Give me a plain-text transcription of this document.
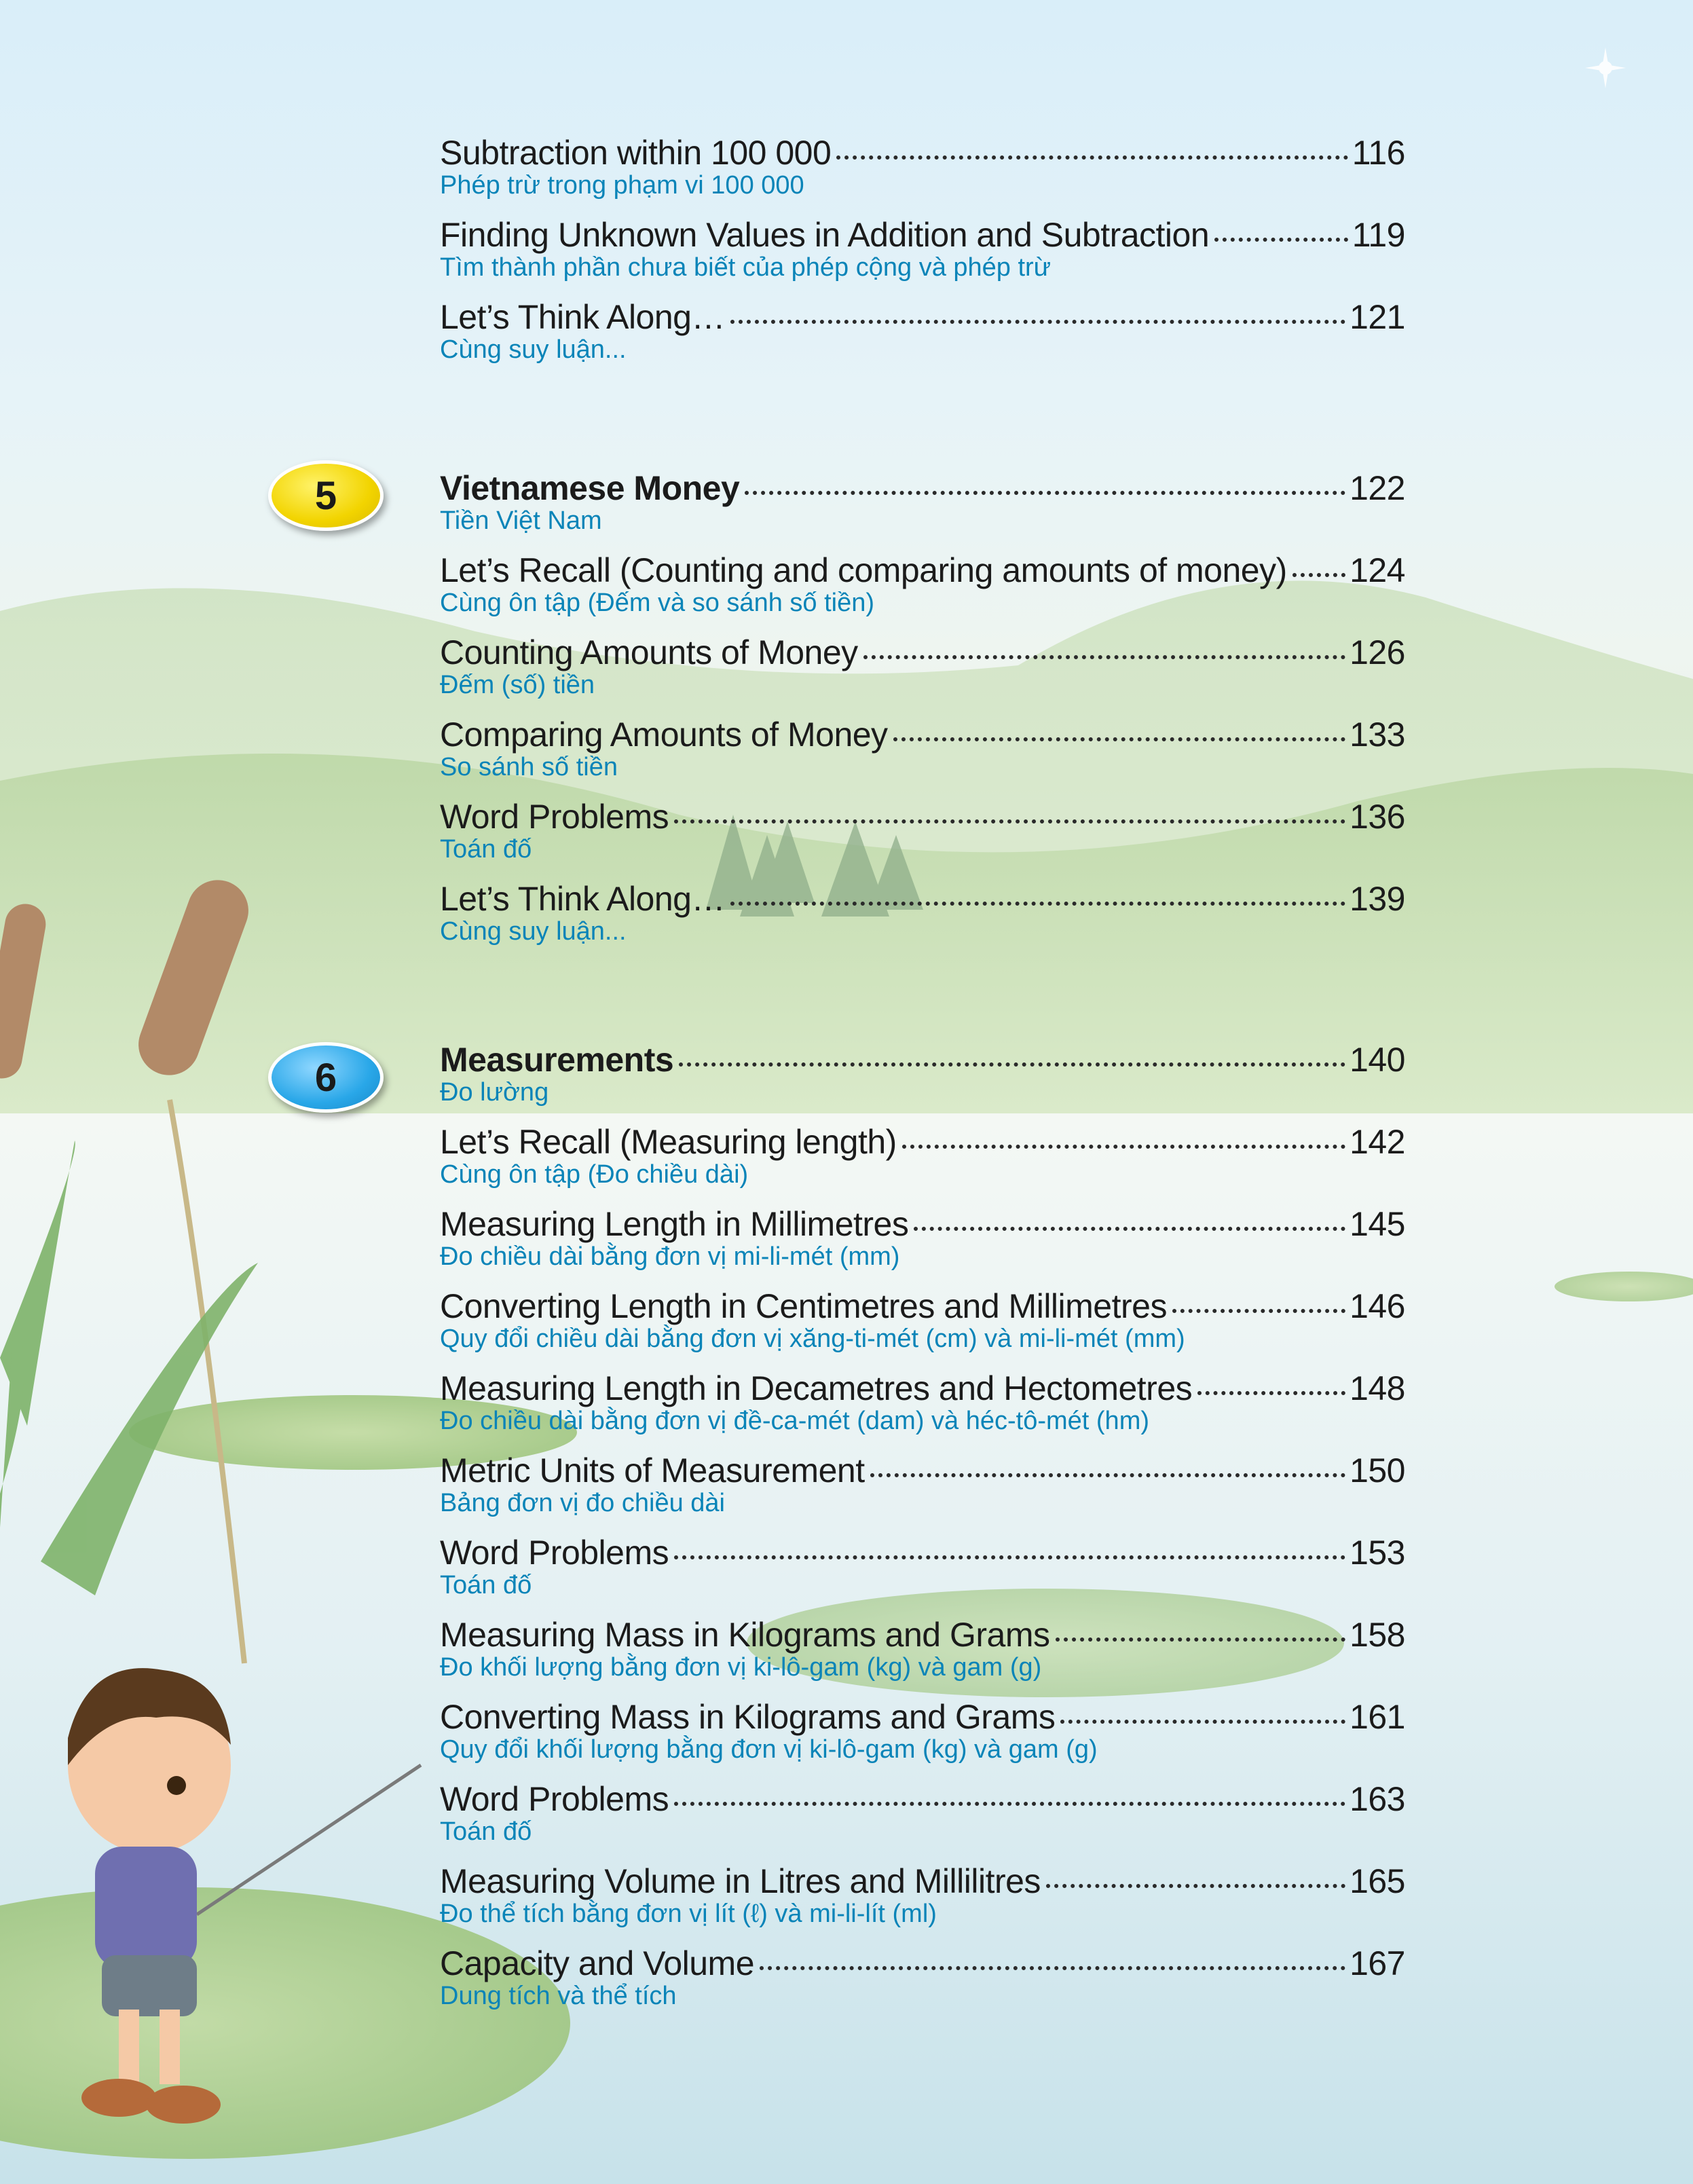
5
6
Subtraction within 100 000	116
Phép trừ trong phạm vi 100 000
Finding Unknown Values in Addition and Subtraction	119
Tìm thành phần chưa biết của phép cộng và phép trừ
Let’s Think Along…	121
Cùng suy luận...
Vietnamese Money	122
Tiền Việt Nam
Let’s Recall (Counting and comparing amounts of money) 124
Cùng ôn tập (Đếm và so sánh số tiền)
Counting Amounts of Money	126
Đếm (số) tiền
Comparing Amounts of Money	133
So sánh số tiền
Word Problems	136
Toán đố
Let’s Think Along…	139
Cùng suy luận...
Measurements	140
Đo lường
Let’s Recall (Measuring length)	142
Cùng ôn tập (Đo chiều dài)
Measuring Length in Millimetres	145
Đo chiều dài bằng đơn vị mi-li-mét (mm)
Converting Length in Centimetres and Millimetres	146
Quy đổi chiều dài bằng đơn vị xăng-ti-mét (cm) và mi-li-mét (mm)
Measuring Length in Decametres and Hectometres	148
Đo chiều dài bằng đơn vị đề-ca-mét (dam) và héc-tô-mét (hm)
Metric Units of Measurement	150
Bảng đơn vị đo chiều dài
Word Problems	153
Toán đố
Measuring Mass in Kilograms and Grams	158
Đo khối lượng bằng đơn vị ki-lô-gam (kg) và gam (g)
Converting Mass in Kilograms and Grams	161
Quy đổi khối lượng bằng đơn vị ki-lô-gam (kg) và gam (g)
Word Problems	163
Toán đố
Measuring Volume in Litres and Millilitres	165
Đo thể tích bằng đơn vị lít (ℓ) và mi-li-lít (ml)
Capacity and Volume	167
Dung tích và thể tích
